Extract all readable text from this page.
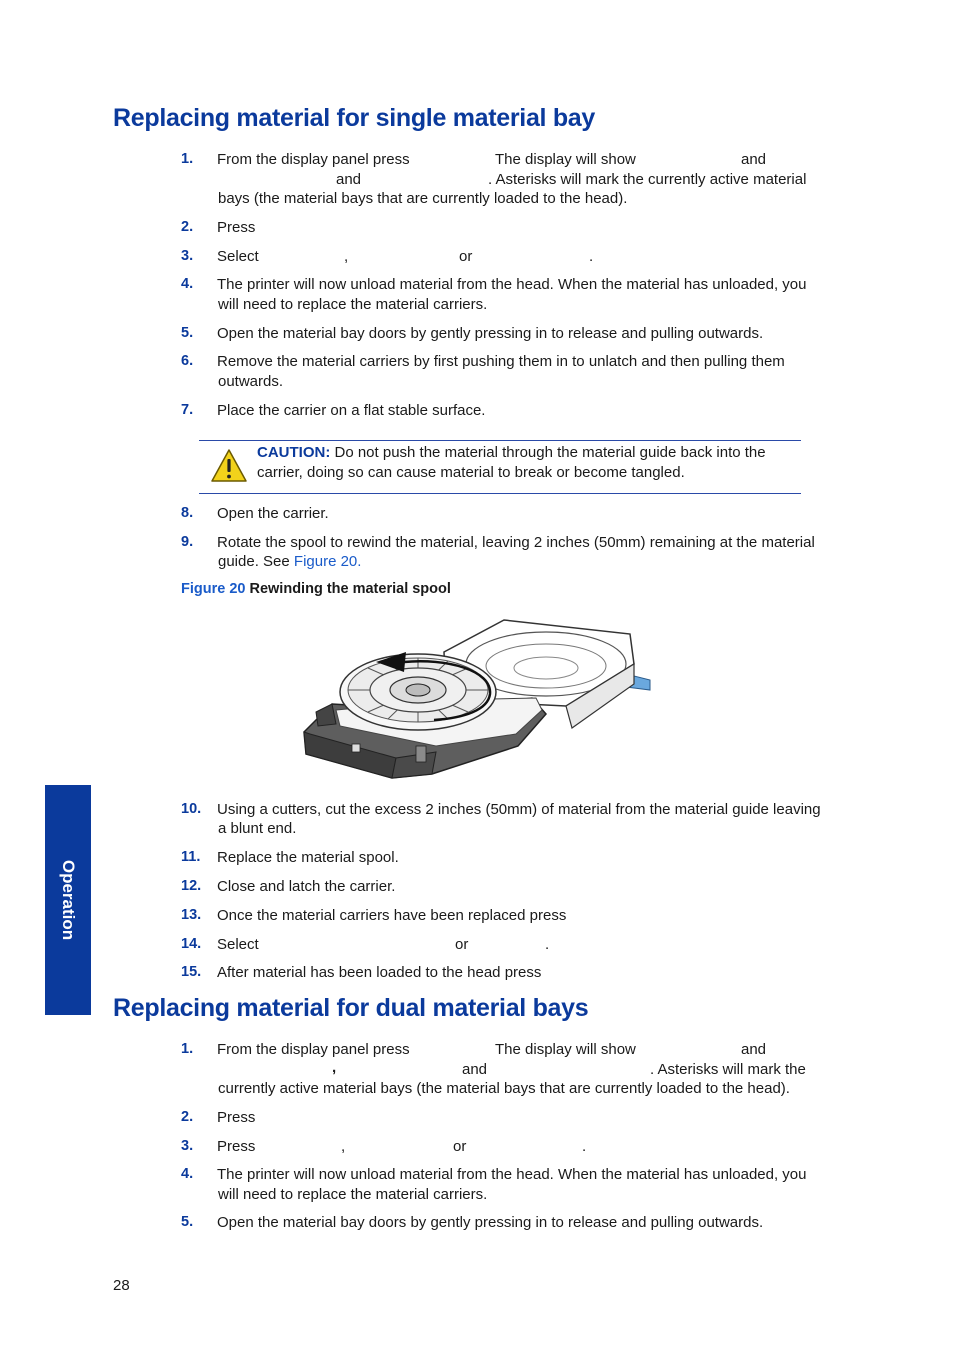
Replacing material for single material bay
1. From the display panel press	The display will show	and
and	. Asterisks will mark the currently active material
bays (the material bays that are currently loaded to the head).
2. Press
3. Select	,	or	.
4. The printer will now unload material from the head. When the material has unloaded, you
will need to replace the material carriers.
5. Open the material bay doors by gently pressing in to release and pulling outwards.
6. Remove the material carriers by first pushing them in to unlatch and then pulling them
outwards.
7. Place the carrier on a flat stable surface.
CAUTION: Do not push the material through the material guide back into the
carrier, doing so can cause material to break or become tangled.
8. Open the carrier.
9. Rotate the spool to rewind the material, leaving 2 inches (50mm) remaining at the material
guide. See Figure 20.
Figure 20 Rewinding the material spool
10. Using a cutters, cut the excess 2 inches (50mm) of material from the material guide leaving
a blunt end.
11. Replace the material spool.
12. Close and latch the carrier.
13. Once the material carriers have been replaced press
14. Select	or	.
15. After material has been loaded to the head press
Replacing material for dual material bays
1. From the display panel press	The display will show	and
,	and	. Asterisks will mark the
currently active material bays (the material bays that are currently loaded to the head).
2. Press
3. Press	,	or	.
4. The printer will now unload material from the head. When the material has unloaded, you
will need to replace the material carriers.
5. Open the material bay doors by gently pressing in to release and pulling outwards.
Operation
28
